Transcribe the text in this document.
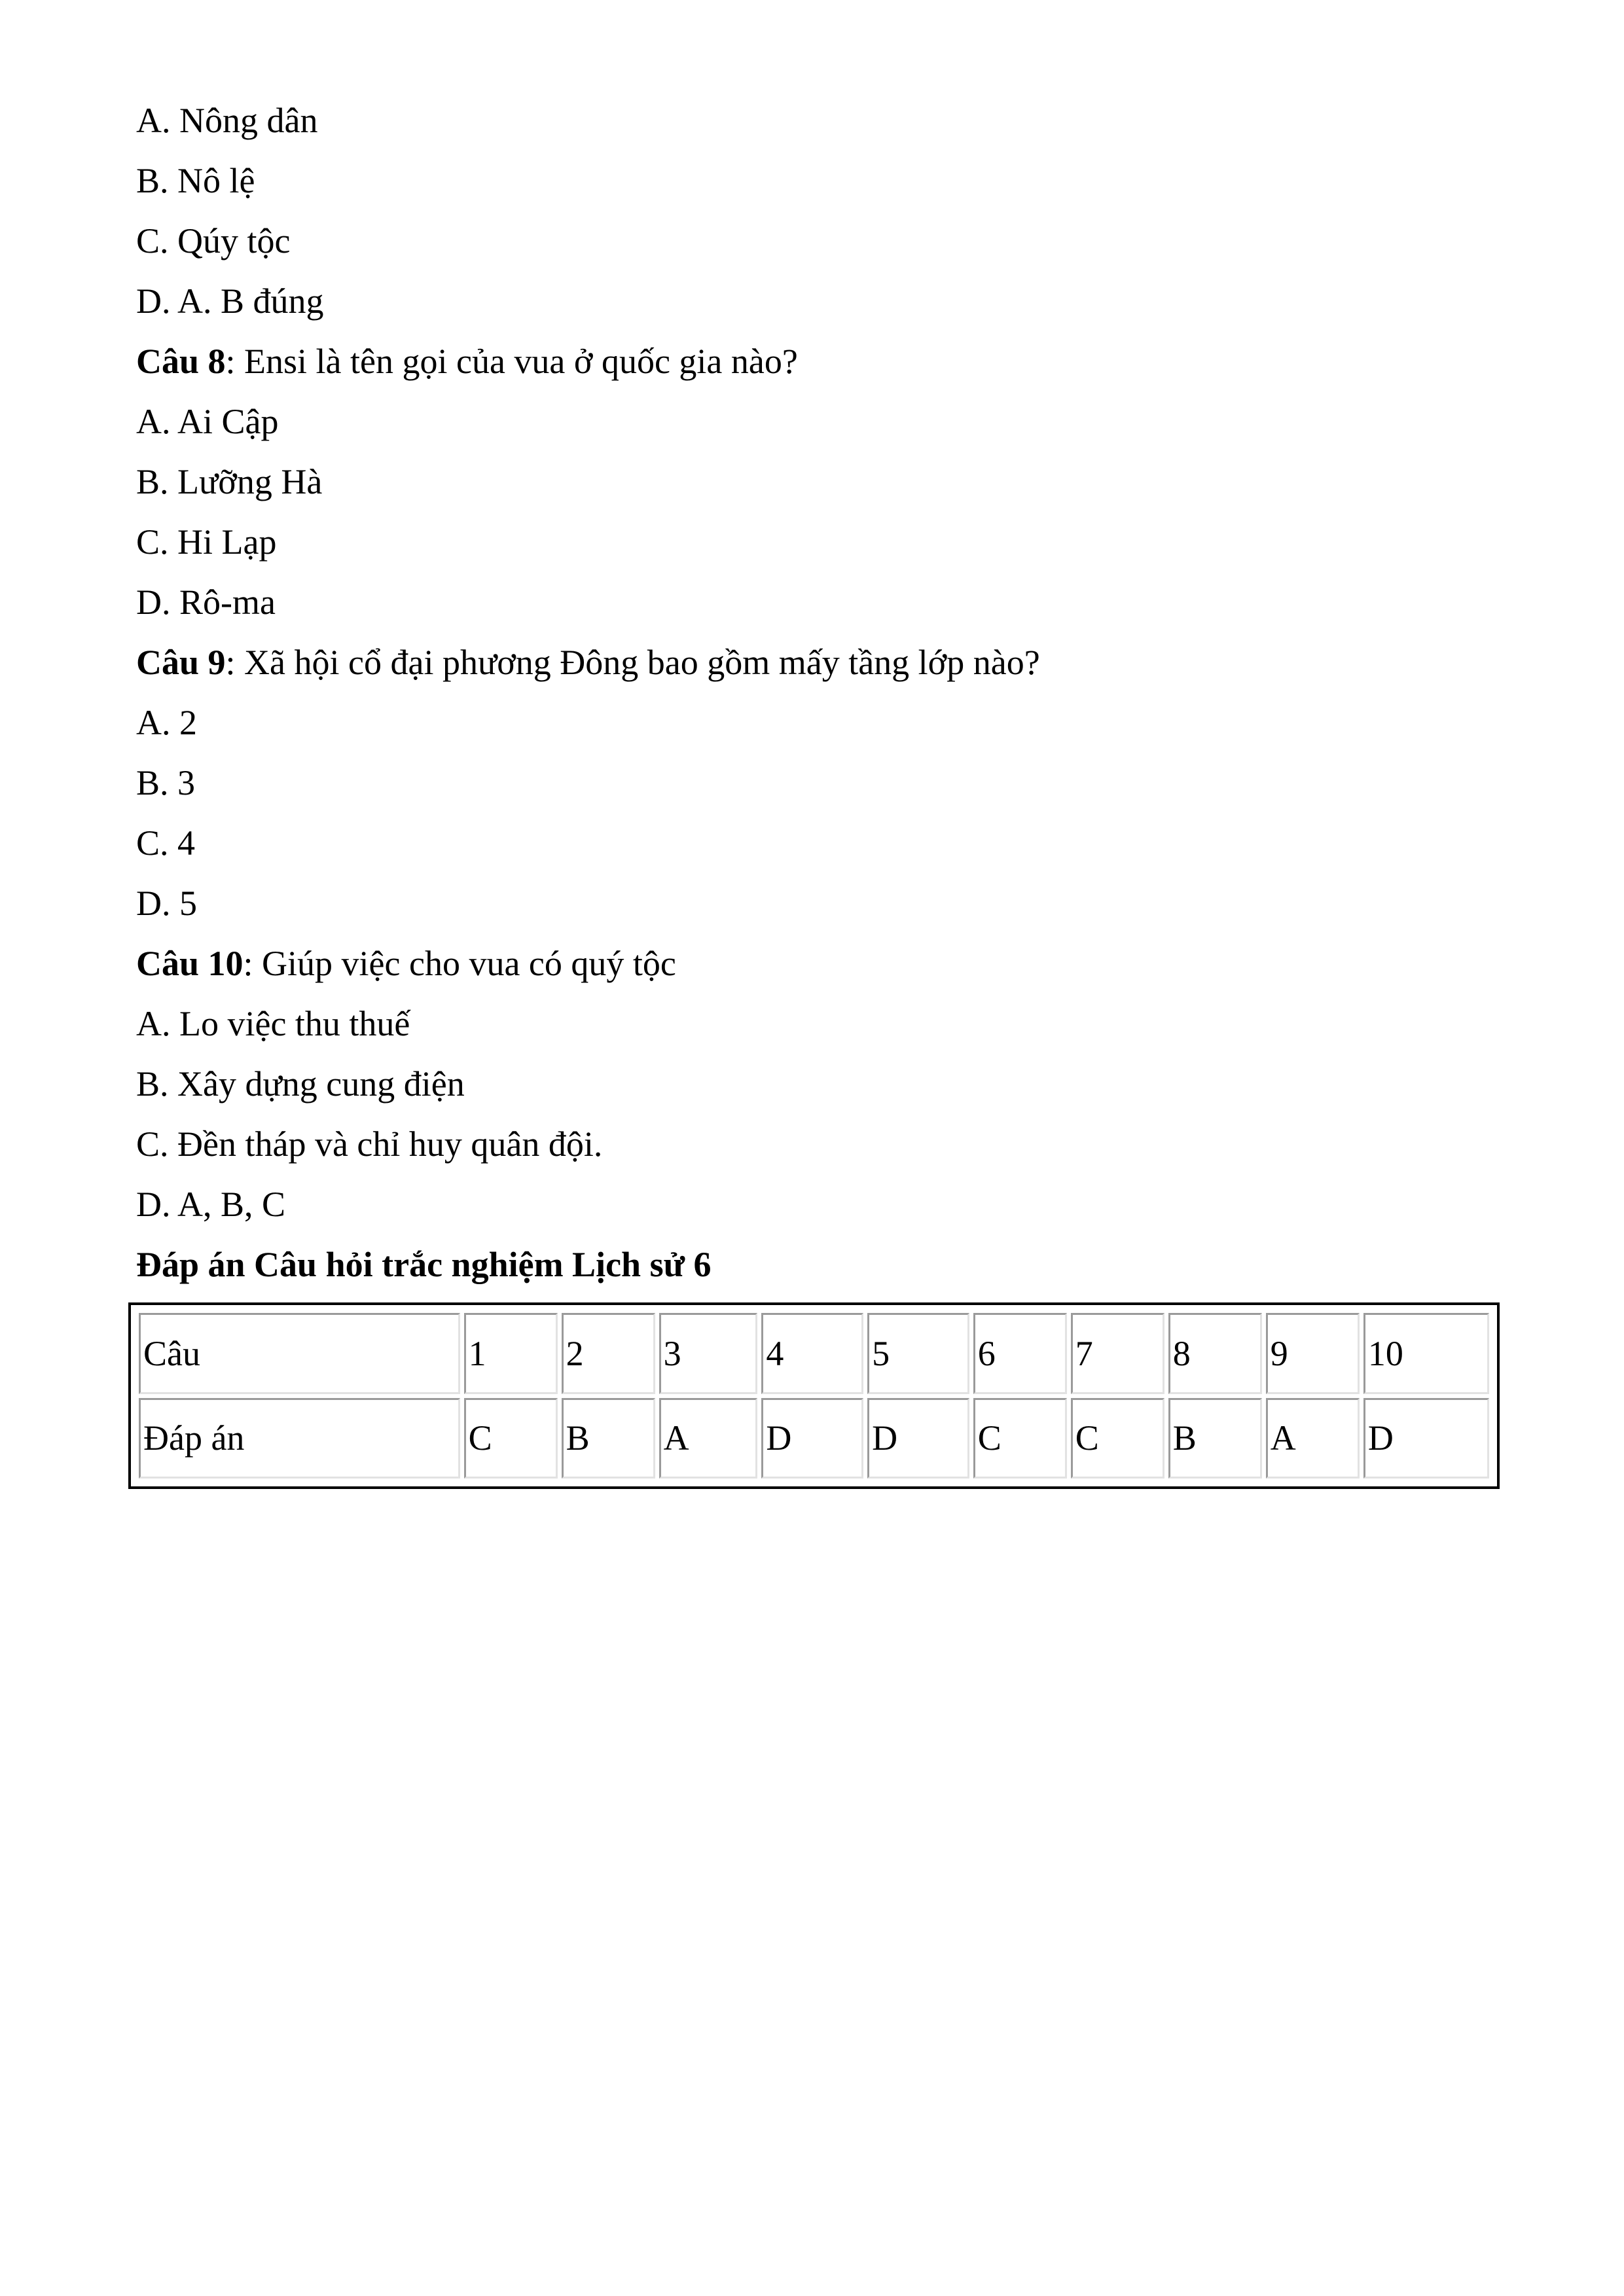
A. Nông dân
B. Nô lệ
C. Qúy tộc
D. A. B đúng
Câu 8: Ensi là tên gọi của vua ở quốc gia nào?
A. Ai Cập
B. Lưỡng Hà
C. Hi Lạp
D. Rô-ma
Câu 9: Xã hội cổ đại phương Đông bao gồm mấy tầng lớp nào?
A. 2
B. 3
C. 4
D. 5
Câu 10: Giúp việc cho vua có quý tộc
A. Lo việc thu thuế
B. Xây dựng cung điện
C. Đền tháp và chỉ huy quân đội.
D. A, B, C
Đáp án Câu hỏi trắc nghiệm Lịch sử 6
Câu	1	2	3	4	5	6	7	8	9	10
Đáp án	C	B	A	D	D	C	C	B	A	D
